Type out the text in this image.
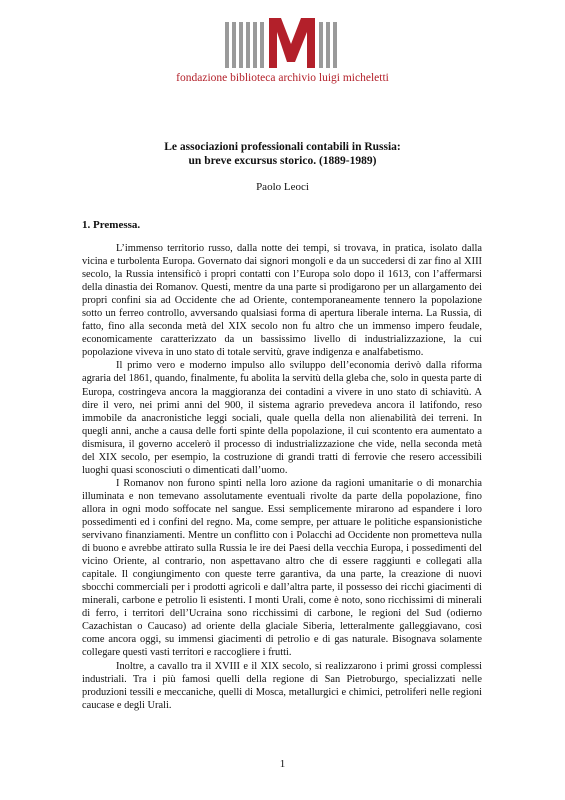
fondazione biblioteca archivio luigi micheletti
Le associazioni professionali contabili in Russia:
un breve excursus storico. (1889-1989)
Paolo Leoci
1. Premessa.

L’immenso territorio russo, dalla notte dei tempi, si trovava, in pratica, isolato dalla vicina e turbolenta Europa. Governato dai signori mongoli e da un succedersi di zar fino al XIII secolo, la Russia intensificò i propri contatti con l’Europa solo dopo il 1613, con l’affermarsi della dinastia dei Romanov. Questi, mentre da una parte si prodigarono per un allargamento dei propri confini sia ad Occidente che ad Oriente, contemporaneamente tennero la popolazione sotto un ferreo controllo, avversando qualsiasi forma di apertura liberale interna. La Russia, di fatto, fino alla seconda metà del XIX secolo non fu altro che un immenso impero feudale, economicamente caratterizzato da un bassissimo livello di industrializzazione, la cui popolazione viveva in uno stato di totale servitù, grave indigenza e analfabetismo.

Il primo vero e moderno impulso allo sviluppo dell’economia derivò dalla riforma agraria del 1861, quando, finalmente, fu abolita la servitù della gleba che, solo in questa parte di Europa, costringeva ancora la maggioranza dei contadini a vivere in uno stato di schiavitù. A dire il vero, nei primi anni del 900, il sistema agrario prevedeva ancora il latifondo, reso immobile da anacronistiche leggi sociali, quale quella della non alienabilità dei terreni. In quegli anni, anche a causa delle forti spinte della popolazione, il cui scontento era aumentato a dismisura, il governo accelerò il processo di industrializzazione che vide, nella seconda metà del XIX secolo, per esempio, la costruzione di grandi tratti di ferrovie che resero accessibili luoghi quasi sconosciuti o dimenticati dall’uomo.

I Romanov non furono spinti nella loro azione da ragioni umanitarie o di monarchia illuminata e non temevano assolutamente eventuali rivolte da parte della popolazione, fino allora in ogni modo soffocate nel sangue. Essi semplicemente mirarono ad espandere i loro possedimenti ed i confini del regno. Ma, come sempre, per attuare le politiche espansionistiche servivano finanziamenti. Mentre un conflitto con i Polacchi ad Occidente non prometteva nulla di buono e avrebbe attirato sulla Russia le ire dei Paesi della vecchia Europa, i possedimenti del vicino Oriente, al contrario, non aspettavano altro che di essere raggiunti e collegati alla capitale. Il congiungimento con queste terre garantiva, da una parte, la creazione di nuovi sbocchi commerciali per i prodotti agricoli e dall’altra parte, il possesso dei ricchi giacimenti di minerali, carbone e petrolio lì esistenti. I monti Urali, come è noto, sono ricchissimi di minerali di ferro, i territori dell’Ucraina sono ricchissimi di carbone, le regioni del Sud (odierno Cazachistan o Caucaso) ad oriente della glaciale Siberia, letteralmente galleggiavano, così come ancora oggi, su immensi giacimenti di petrolio e di gas naturale. Bisognava solamente collegare questi vasti territori e raccogliere i frutti.

Inoltre, a cavallo tra il XVIII e il XIX secolo, si realizzarono i primi grossi complessi industriali. Tra i più famosi quelli della regione di San Pietroburgo, specializzati nelle produzioni tessili e meccaniche, quelli di Mosca, metallurgici e chimici, petroliferi nelle regioni caucase e degli Urali.

1
